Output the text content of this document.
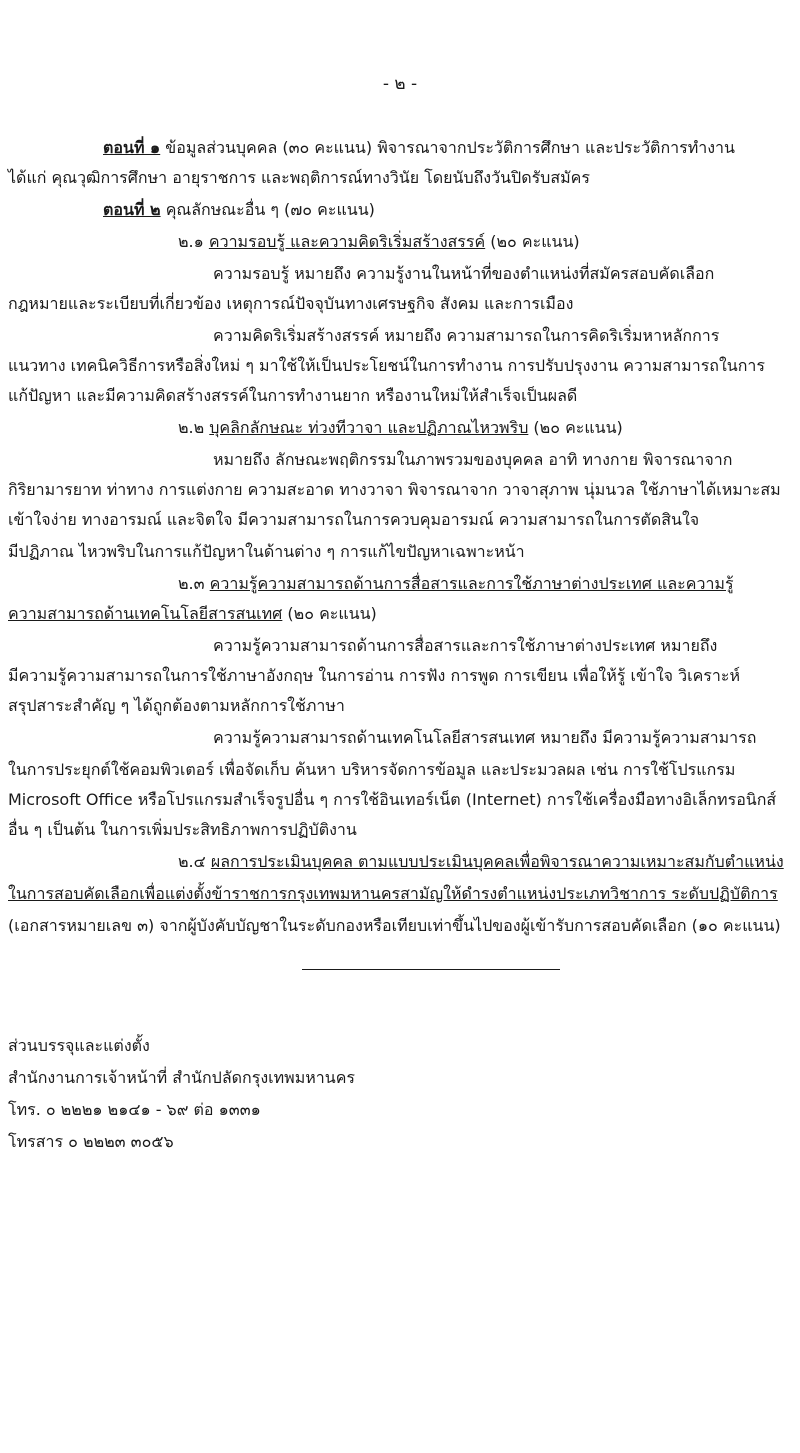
- ๒ -
ตอนที่ ๑ ข้อมูลส่วนบุคคล (๓๐ คะแนน) พิจารณาจากประวัติการศึกษา และประวัติการทำงาน
ได้แก่ คุณวุฒิการศึกษา อายุราชการ และพฤติการณ์ทางวินัย โดยนับถึงวันปิดรับสมัคร
ตอนที่ ๒ คุณลักษณะอื่น ๆ (๗๐ คะแนน)
๒.๑ ความรอบรู้ และความคิดริเริ่มสร้างสรรค์ (๒๐ คะแนน)
ความรอบรู้ หมายถึง ความรู้งานในหน้าที่ของตำแหน่งที่สมัครสอบคัดเลือก
กฎหมายและระเบียบที่เกี่ยวข้อง เหตุการณ์ปัจจุบันทางเศรษฐกิจ สังคม และการเมือง
ความคิดริเริ่มสร้างสรรค์ หมายถึง ความสามารถในการคิดริเริ่มหาหลักการ
แนวทาง เทคนิควิธีการหรือสิ่งใหม่ ๆ มาใช้ให้เป็นประโยชน์ในการทำงาน การปรับปรุงงาน ความสามารถในการ
แก้ปัญหา และมีความคิดสร้างสรรค์ในการทำงานยาก หรืองานใหม่ให้สำเร็จเป็นผลดี
๒.๒ บุคลิกลักษณะ ท่วงทีวาจา และปฏิภาณไหวพริบ (๒๐ คะแนน)
หมายถึง ลักษณะพฤติกรรมในภาพรวมของบุคคล อาทิ ทางกาย พิจารณาจาก
กิริยามารยาท ท่าทาง การแต่งกาย ความสะอาด ทางวาจา พิจารณาจาก วาจาสุภาพ นุ่มนวล ใช้ภาษาได้เหมาะสม
เข้าใจง่าย ทางอารมณ์ และจิตใจ มีความสามารถในการควบคุมอารมณ์ ความสามารถในการตัดสินใจ
มีปฏิภาณ ไหวพริบในการแก้ปัญหาในด้านต่าง ๆ การแก้ไขปัญหาเฉพาะหน้า
๒.๓ ความรู้ความสามารถด้านการสื่อสารและการใช้ภาษาต่างประเทศ และความรู้
ความสามารถด้านเทคโนโลยีสารสนเทศ (๒๐ คะแนน)
ความรู้ความสามารถด้านการสื่อสารและการใช้ภาษาต่างประเทศ หมายถึง
มีความรู้ความสามารถในการใช้ภาษาอังกฤษ ในการอ่าน การฟัง การพูด การเขียน เพื่อให้รู้ เข้าใจ วิเคราะห์
สรุปสาระสำคัญ ๆ ได้ถูกต้องตามหลักการใช้ภาษา
ความรู้ความสามารถด้านเทคโนโลยีสารสนเทศ หมายถึง มีความรู้ความสามารถ
ในการประยุกต์ใช้คอมพิวเตอร์ เพื่อจัดเก็บ ค้นหา บริหารจัดการข้อมูล และประมวลผล เช่น การใช้โปรแกรม
Microsoft Office หรือโปรแกรมสำเร็จรูปอื่น ๆ การใช้อินเทอร์เน็ต (Internet) การใช้เครื่องมือทางอิเล็กทรอนิกส์
อื่น ๆ เป็นต้น ในการเพิ่มประสิทธิภาพการปฏิบัติงาน
๒.๔ ผลการประเมินบุคคล ตามแบบประเมินบุคคลเพื่อพิจารณาความเหมาะสมกับตำแหน่ง
ในการสอบคัดเลือกเพื่อแต่งตั้งข้าราชการกรุงเทพมหานครสามัญให้ดำรงตำแหน่งประเภทวิชาการ ระดับปฏิบัติการ
(เอกสารหมายเลข ๓) จากผู้บังคับบัญชาในระดับกองหรือเทียบเท่าขึ้นไปของผู้เข้ารับการสอบคัดเลือก (๑๐ คะแนน)
ส่วนบรรจุและแต่งตั้ง
สำนักงานการเจ้าหน้าที่ สำนักปลัดกรุงเทพมหานคร
โทร. ๐ ๒๒๒๑ ๒๑๔๑ - ๖๙ ต่อ ๑๓๓๑
โทรสาร ๐ ๒๒๒๓ ๓๐๕๖
